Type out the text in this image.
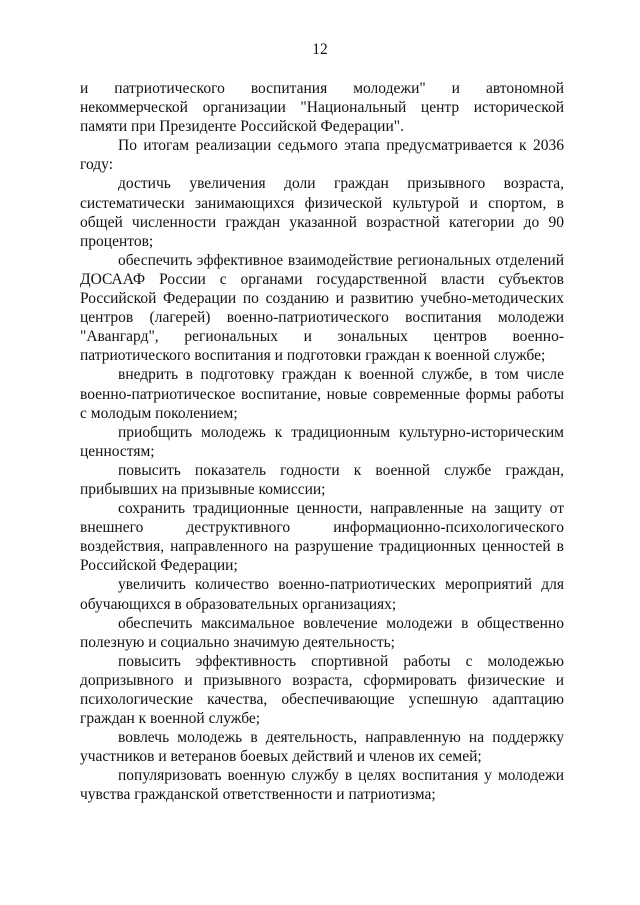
12

и патриотического воспитания молодежи" и автономной некоммерческой организации "Национальный центр исторической памяти при Президенте Российской Федерации".

По итогам реализации седьмого этапа предусматривается к 2036 году:

достичь увеличения доли граждан призывного возраста, систематически занимающихся физической культурой и спортом, в общей численности граждан указанной возрастной категории до 90 процентов;

обеспечить эффективное взаимодействие региональных отделений ДОСААФ России с органами государственной власти субъектов Российской Федерации по созданию и развитию учебно-методических центров (лагерей) военно-патриотического воспитания молодежи "Авангард", региональных и зональных центров военно-патриотического воспитания и подготовки граждан к военной службе;

внедрить в подготовку граждан к военной службе, в том числе военно-патриотическое воспитание, новые современные формы работы с молодым поколением;

приобщить молодежь к традиционным культурно-историческим ценностям;

повысить показатель годности к военной службе граждан, прибывших на призывные комиссии;

сохранить традиционные ценности, направленные на защиту от внешнего деструктивного информационно-психологического воздействия, направленного на разрушение традиционных ценностей в Российской Федерации;

увеличить количество военно-патриотических мероприятий для обучающихся в образовательных организациях;

обеспечить максимальное вовлечение молодежи в общественно полезную и социально значимую деятельность;

повысить эффективность спортивной работы с молодежью допризывного и призывного возраста, сформировать физические и психологические качества, обеспечивающие успешную адаптацию граждан к военной службе;

вовлечь молодежь в деятельность, направленную на поддержку участников и ветеранов боевых действий и членов их семей;

популяризовать военную службу в целях воспитания у молодежи чувства гражданской ответственности и патриотизма;
